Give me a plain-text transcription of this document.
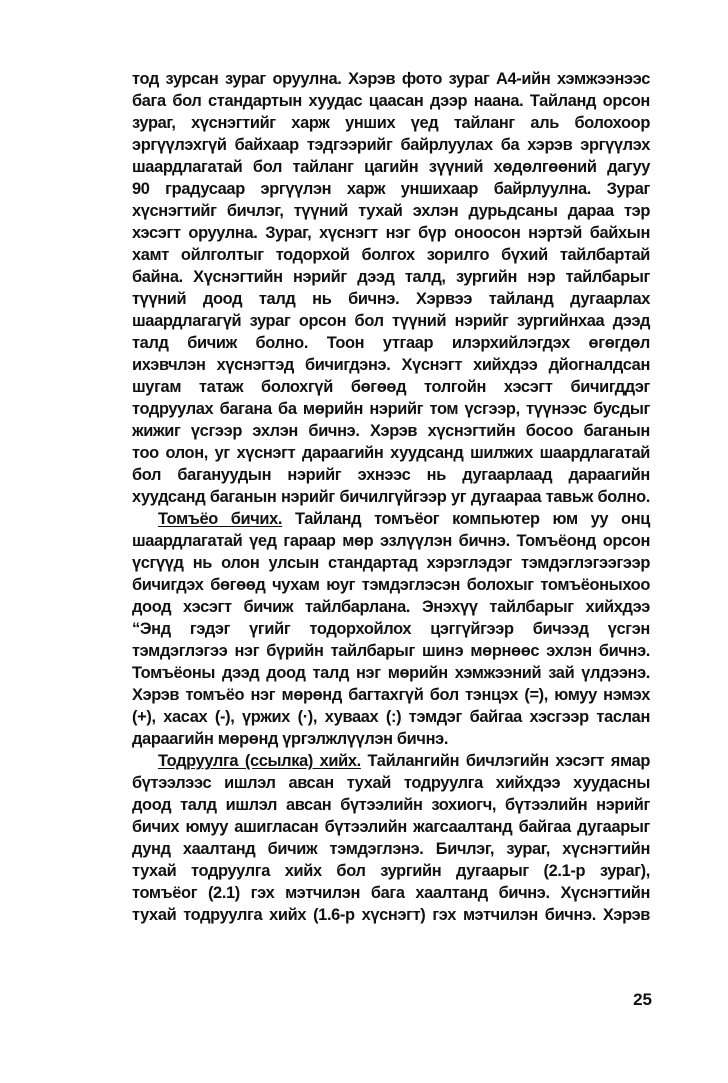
тод зурсан зураг оруулна. Хэрэв фото зураг А4-ийн хэмжээнээс
бага бол стандартын хуудас цаасан дээр наана. Тайланд орсон
зураг, хүснэгтийг харж унших үед тайланг аль болохоор
эргүүлэхгүй байхаар тэдгээрийг байрлуулах ба хэрэв эргүүлэх
шаардлагатай бол тайланг цагийн зүүний хөдөлгөөний дагуу
90 градусаар эргүүлэн харж уншихаар байрлуулна. Зураг
хүснэгтийг бичлэг, түүний тухай эхлэн дурьдсаны дараа тэр
хэсэгт оруулна. Зураг, хүснэгт нэг бүр оноосон нэртэй байхын
хамт ойлголтыг тодорхой болгох зорилго бүхий тайлбартай
байна. Хүснэгтийн нэрийг дээд талд, зургийн нэр тайлбарыг
түүний доод талд нь бичнэ. Хэрвээ тайланд дугаарлах
шаардлагагүй зураг орсон бол түүний нэрийг зургийнхаа дээд
талд бичиж болно. Тоон утгаар илэрхийлэгдэх өгөгдөл
ихэвчлэн хүснэгтэд бичигдэнэ. Хүснэгт хийхдээ дйогналдсан
шугам татаж болохгүй бөгөөд толгойн хэсэгт бичигддэг
тодруулах багана ба мөрийн нэрийг том үсгээр, түүнээс бусдыг
жижиг үсгээр эхлэн бичнэ. Хэрэв хүснэгтийн босоо баганын
тоо олон, уг хүснэгт дараагийн хуудсанд шилжих шаардлагатай
бол багануудын нэрийг эхнээс нь дугаарлаад дараагийн
хуудсанд баганын нэрийг бичилгүйгээр уг дугаараа тавьж болно.
Томъёо бичих. Тайланд томъёог компьютер юм уу онц
шаардлагатай үед гараар мөр эзлүүлэн бичнэ. Томъёонд орсон
үсгүүд нь олон улсын стандартад хэрэглэдэг тэмдэглэгээгээр
бичигдэх бөгөөд чухам юуг тэмдэглэсэн болохыг томъёоныхоо
доод хэсэгт бичиж тайлбарлана. Энэхүү тайлбарыг хийхдээ
“Энд гэдэг үгийг тодорхойлох цэггүйгээр бичээд үсгэн
тэмдэглэгээ нэг бүрийн тайлбарыг шинэ мөрнөөс эхлэн бичнэ.
Томъёоны дээд доод талд нэг мөрийн хэмжээний зай үлдээнэ.
Хэрэв томъёо нэг мөрөнд багтахгүй бол тэнцэх (=), юмуу нэмэх
(+), хасах (-), үржих (·), хуваах (:) тэмдэг байгаа хэсгээр таслан
дараагийн мөрөнд үргэлжлүүлэн бичнэ.
Тодруулга (ссылка) хийх. Тайлангийн бичлэгийн хэсэгт ямар
бүтээлээс ишлэл авсан тухай тодруулга хийхдээ хуудасны
доод талд ишлэл авсан бүтээлийн зохиогч, бүтээлийн нэрийг
бичих юмуу ашигласан бүтээлийн жагсаалтанд байгаа дугаарыг
дунд хаалтанд бичиж тэмдэглэнэ. Бичлэг, зураг, хүснэгтийн
тухай тодруулга хийх бол зургийн дугаарыг (2.1-р зураг),
томъёог (2.1) гэх мэтчилэн бага хаалтанд бичнэ. Хүснэгтийн
тухай тодруулга хийх (1.6-р хүснэгт) гэх мэтчилэн бичнэ. Хэрэв
25
